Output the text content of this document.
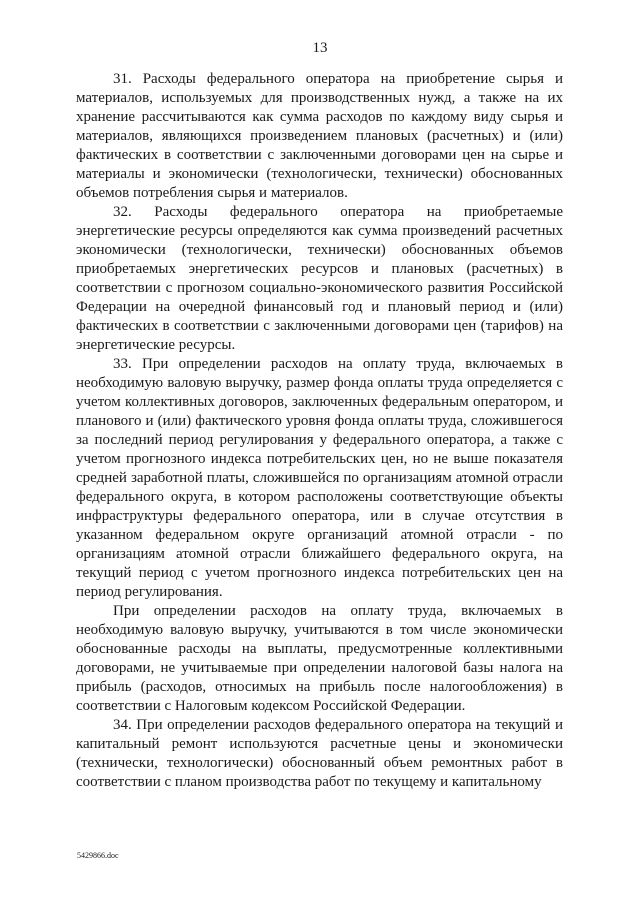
13

31. Расходы федерального оператора на приобретение сырья и материалов, используемых для производственных нужд, а также на их хранение рассчитываются как сумма расходов по каждому виду сырья и материалов, являющихся произведением плановых (расчетных) и (или) фактических в соответствии с заключенными договорами цен на сырье и материалы и экономически (технологически, технически) обоснованных объемов потребления сырья и материалов.

32. Расходы федерального оператора на приобретаемые энергетические ресурсы определяются как сумма произведений расчетных экономически (технологически, технически) обоснованных объемов приобретаемых энергетических ресурсов и плановых (расчетных) в соответствии с прогнозом социально-экономического развития Российской Федерации на очередной финансовый год и плановый период и (или) фактических в соответствии с заключенными договорами цен (тарифов) на энергетические ресурсы.

33. При определении расходов на оплату труда, включаемых в необходимую валовую выручку, размер фонда оплаты труда определяется с учетом коллективных договоров, заключенных федеральным оператором, и планового и (или) фактического уровня фонда оплаты труда, сложившегося за последний период регулирования у федерального оператора, а также с учетом прогнозного индекса потребительских цен, но не выше показателя средней заработной платы, сложившейся по организациям атомной отрасли федерального округа, в котором расположены соответствующие объекты инфраструктуры федерального оператора, или в случае отсутствия в указанном федеральном округе организаций атомной отрасли - по организациям атомной отрасли ближайшего федерального округа, на текущий период с учетом прогнозного индекса потребительских цен на период регулирования.

При определении расходов на оплату труда, включаемых в необходимую валовую выручку, учитываются в том числе экономически обоснованные расходы на выплаты, предусмотренные коллективными договорами, не учитываемые при определении налоговой базы налога на прибыль (расходов, относимых на прибыль после налогообложения) в соответствии с Налоговым кодексом Российской Федерации.

34. При определении расходов федерального оператора на текущий и капитальный ремонт используются расчетные цены и экономически (технически, технологически) обоснованный объем ремонтных работ в соответствии с планом производства работ по текущему и капитальному

5429866.doc
